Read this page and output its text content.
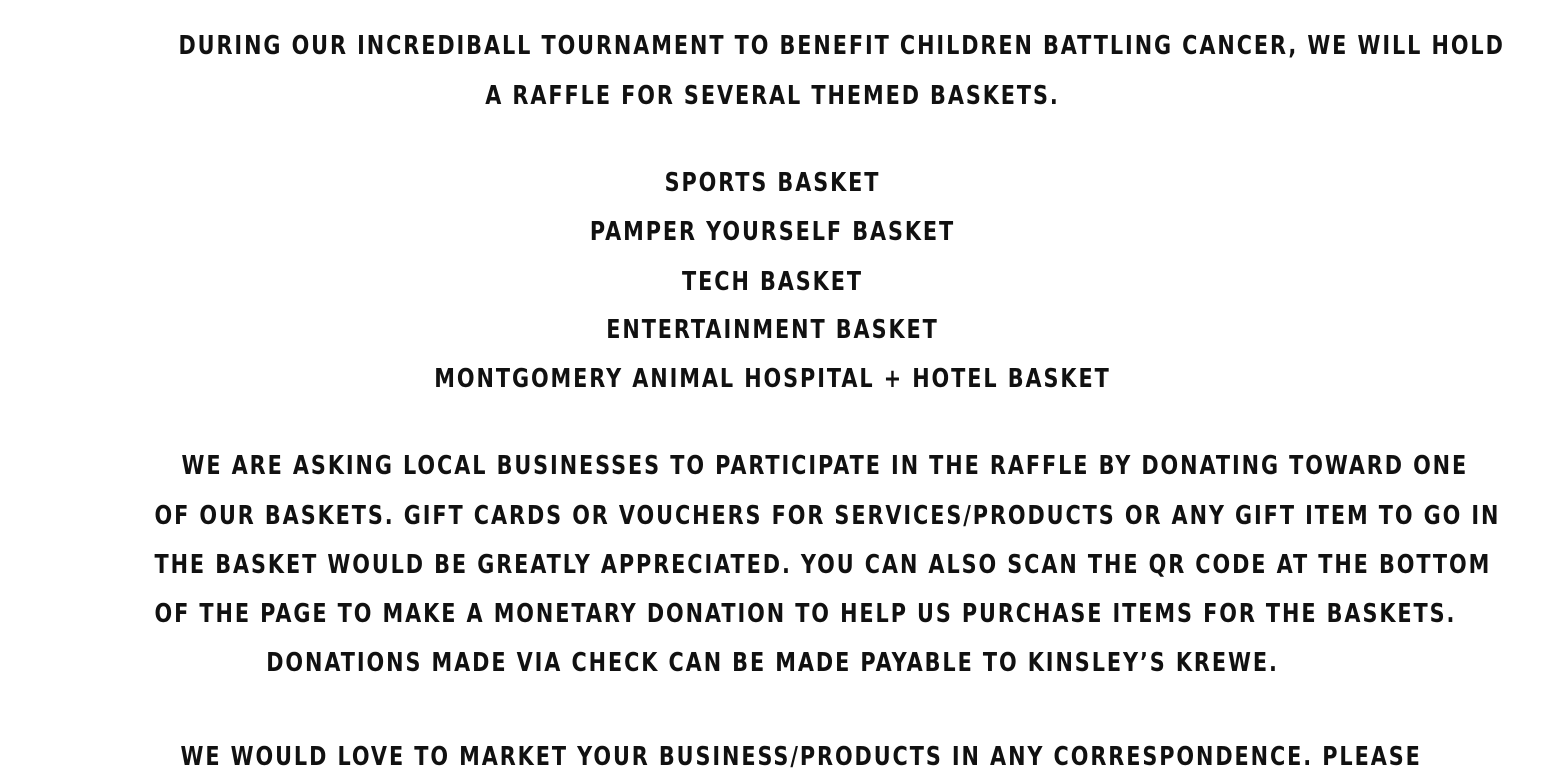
DURING OUR INCREDIBALL TOURNAMENT TO BENEFIT CHILDREN BATTLING CANCER, WE WILL HOLD
A RAFFLE FOR SEVERAL THEMED BASKETS.
SPORTS BASKET
PAMPER YOURSELF BASKET
TECH BASKET
ENTERTAINMENT BASKET
MONTGOMERY ANIMAL HOSPITAL + HOTEL BASKET
WE ARE ASKING LOCAL BUSINESSES TO PARTICIPATE IN THE RAFFLE BY DONATING TOWARD ONE
OF OUR BASKETS. GIFT CARDS OR VOUCHERS FOR SERVICES/PRODUCTS OR ANY GIFT ITEM TO GO IN
THE BASKET WOULD BE GREATLY APPRECIATED. YOU CAN ALSO SCAN THE QR CODE AT THE BOTTOM
OF THE PAGE TO MAKE A MONETARY DONATION TO HELP US PURCHASE ITEMS FOR THE BASKETS.
DONATIONS MADE VIA CHECK CAN BE MADE PAYABLE TO KINSLEY’S KREWE.
WE WOULD LOVE TO MARKET YOUR BUSINESS/PRODUCTS IN ANY CORRESPONDENCE. PLEASE
